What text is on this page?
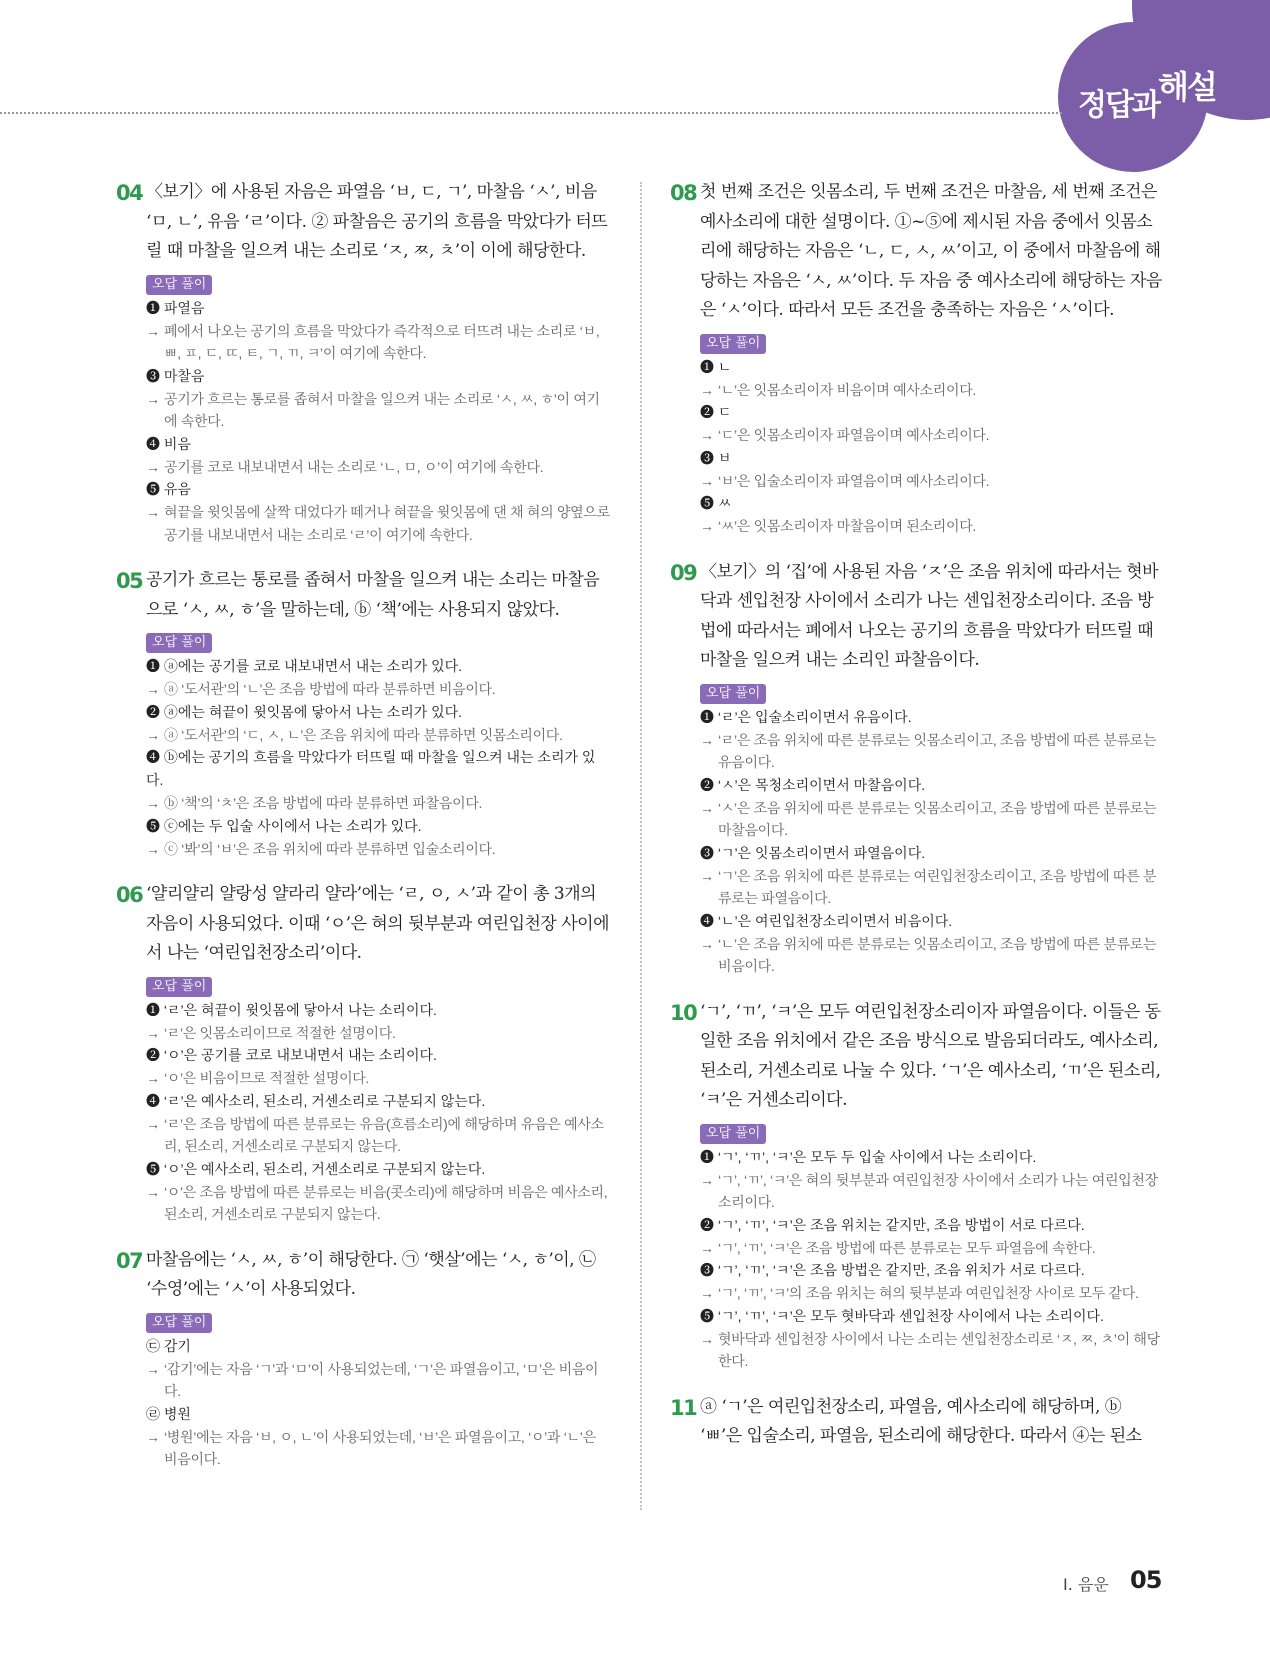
정답과 해설
04 〈보기〉에 사용된 자음은 파열음 ‘ㅂ, ㄷ, ㄱ’, 마찰음 ‘ㅅ’, 비음 ‘ㅁ, ㄴ’, 유음 ‘ㄹ’이다. ② 파찰음은 공기의 흐름을 막았다가 터뜨릴 때 마찰을 일으켜 내는 소리로 ‘ㅈ, ㅉ, ㅊ’이 이에 해당한다.
오답 풀이
❶ 파열음
→ 폐에서 나오는 공기의 흐름을 막았다가 즉각적으로 터뜨려 내는 소리로 ‘ㅂ, ㅃ, ㅍ, ㄷ, ㄸ, ㅌ, ㄱ, ㄲ, ㅋ’이 여기에 속한다.
❸ 마찰음
→ 공기가 흐르는 통로를 좁혀서 마찰을 일으켜 내는 소리로 ‘ㅅ, ㅆ, ㅎ’이 여기에 속한다.
❹ 비음
→ 공기를 코로 내보내면서 내는 소리로 ‘ㄴ, ㅁ, ㅇ’이 여기에 속한다.
❺ 유음
→ 혀끝을 윗잇몸에 살짝 대었다가 떼거나 혀끝을 윗잇몸에 댄 채 혀의 양옆으로 공기를 내보내면서 내는 소리로 ‘ㄹ’이 여기에 속한다.
05 공기가 흐르는 통로를 좁혀서 마찰을 일으켜 내는 소리는 마찰음으로 ‘ㅅ, ㅆ, ㅎ’을 말하는데, ⓑ ‘책’에는 사용되지 않았다.
오답 풀이
❶ ⓐ에는 공기를 코로 내보내면서 내는 소리가 있다.
→ ⓐ ‘도서관’의 ‘ㄴ’은 조음 방법에 따라 분류하면 비음이다.
❷ ⓐ에는 혀끝이 윗잇몸에 닿아서 나는 소리가 있다.
→ ⓐ ‘도서관’의 ‘ㄷ, ㅅ, ㄴ’은 조음 위치에 따라 분류하면 잇몸소리이다.
❹ ⓑ에는 공기의 흐름을 막았다가 터뜨릴 때 마찰을 일으켜 내는 소리가 있다.
→ ⓑ ‘책’의 ‘ㅊ’은 조음 방법에 따라 분류하면 파찰음이다.
❺ ⓒ에는 두 입술 사이에서 나는 소리가 있다.
→ ⓒ ‘봐’의 ‘ㅂ’은 조음 위치에 따라 분류하면 입술소리이다.
06 ‘얄리얄리 얄랑성 얄라리 얄라’에는 ‘ㄹ, ㅇ, ㅅ’과 같이 총 3개의 자음이 사용되었다. 이때 ‘ㅇ’은 혀의 뒷부분과 여린입천장 사이에서 나는 ‘여린입천장소리’이다.
오답 풀이
❶ ‘ㄹ’은 혀끝이 윗잇몸에 닿아서 나는 소리이다.
→ ‘ㄹ’은 잇몸소리이므로 적절한 설명이다.
❷ ‘ㅇ’은 공기를 코로 내보내면서 내는 소리이다.
→ ‘ㅇ’은 비음이므로 적절한 설명이다.
❹ ‘ㄹ’은 예사소리, 된소리, 거센소리로 구분되지 않는다.
→ ‘ㄹ’은 조음 방법에 따른 분류로는 유음(흐름소리)에 해당하며 유음은 예사소리, 된소리, 거센소리로 구분되지 않는다.
❺ ‘ㅇ’은 예사소리, 된소리, 거센소리로 구분되지 않는다.
→ ‘ㅇ’은 조음 방법에 따른 분류로는 비음(콧소리)에 해당하며 비음은 예사소리, 된소리, 거센소리로 구분되지 않는다.
07 마찰음에는 ‘ㅅ, ㅆ, ㅎ’이 해당한다. ㉠ ‘햇살’에는 ‘ㅅ, ㅎ’이, ㉡ ‘수영’에는 ‘ㅅ’이 사용되었다.
오답 풀이
㉢ 감기
→ ‘감기’에는 자음 ‘ㄱ’과 ‘ㅁ’이 사용되었는데, ‘ㄱ’은 파열음이고, ‘ㅁ’은 비음이다.
㉣ 병원
→ ‘병원’에는 자음 ‘ㅂ, ㅇ, ㄴ’이 사용되었는데, ‘ㅂ’은 파열음이고, ‘ㅇ’과 ‘ㄴ’은 비음이다.
08 첫 번째 조건은 잇몸소리, 두 번째 조건은 마찰음, 세 번째 조건은 예사소리에 대한 설명이다. ①~⑤에 제시된 자음 중에서 잇몸소리에 해당하는 자음은 ‘ㄴ, ㄷ, ㅅ, ㅆ’이고, 이 중에서 마찰음에 해당하는 자음은 ‘ㅅ, ㅆ’이다. 두 자음 중 예사소리에 해당하는 자음은 ‘ㅅ’이다. 따라서 모든 조건을 충족하는 자음은 ‘ㅅ’이다.
오답 풀이
❶ ㄴ
→ ‘ㄴ’은 잇몸소리이자 비음이며 예사소리이다.
❷ ㄷ
→ ‘ㄷ’은 잇몸소리이자 파열음이며 예사소리이다.
❸ ㅂ
→ ‘ㅂ’은 입술소리이자 파열음이며 예사소리이다.
❺ ㅆ
→ ‘ㅆ’은 잇몸소리이자 마찰음이며 된소리이다.
09 〈보기〉의 ‘집’에 사용된 자음 ‘ㅈ’은 조음 위치에 따라서는 혓바닥과 센입천장 사이에서 소리가 나는 센입천장소리이다. 조음 방법에 따라서는 폐에서 나오는 공기의 흐름을 막았다가 터뜨릴 때 마찰을 일으켜 내는 소리인 파찰음이다.
오답 풀이
❶ ‘ㄹ’은 입술소리이면서 유음이다.
→ ‘ㄹ’은 조음 위치에 따른 분류로는 잇몸소리이고, 조음 방법에 따른 분류로는 유음이다.
❷ ‘ㅅ’은 목청소리이면서 마찰음이다.
→ ‘ㅅ’은 조음 위치에 따른 분류로는 잇몸소리이고, 조음 방법에 따른 분류로는 마찰음이다.
❸ ‘ㄱ’은 잇몸소리이면서 파열음이다.
→ ‘ㄱ’은 조음 위치에 따른 분류로는 여린입천장소리이고, 조음 방법에 따른 분류로는 파열음이다.
❹ ‘ㄴ’은 여린입천장소리이면서 비음이다.
→ ‘ㄴ’은 조음 위치에 따른 분류로는 잇몸소리이고, 조음 방법에 따른 분류로는 비음이다.
10 ‘ㄱ’, ‘ㄲ’, ‘ㅋ’은 모두 여린입천장소리이자 파열음이다. 이들은 동일한 조음 위치에서 같은 조음 방식으로 발음되더라도, 예사소리, 된소리, 거센소리로 나눌 수 있다. ‘ㄱ’은 예사소리, ‘ㄲ’은 된소리, ‘ㅋ’은 거센소리이다.
오답 풀이
❶ ‘ㄱ’, ‘ㄲ’, ‘ㅋ’은 모두 두 입술 사이에서 나는 소리이다.
→ ‘ㄱ’, ‘ㄲ’, ‘ㅋ’은 혀의 뒷부분과 여린입천장 사이에서 소리가 나는 여린입천장소리이다.
❷ ‘ㄱ’, ‘ㄲ’, ‘ㅋ’은 조음 위치는 같지만, 조음 방법이 서로 다르다.
→ ‘ㄱ’, ‘ㄲ’, ‘ㅋ’은 조음 방법에 따른 분류로는 모두 파열음에 속한다.
❸ ‘ㄱ’, ‘ㄲ’, ‘ㅋ’은 조음 방법은 같지만, 조음 위치가 서로 다르다.
→ ‘ㄱ’, ‘ㄲ’, ‘ㅋ’의 조음 위치는 혀의 뒷부분과 여린입천장 사이로 모두 같다.
❺ ‘ㄱ’, ‘ㄲ’, ‘ㅋ’은 모두 혓바닥과 센입천장 사이에서 나는 소리이다.
→ 혓바닥과 센입천장 사이에서 나는 소리는 센입천장소리로 ‘ㅈ, ㅉ, ㅊ’이 해당한다.
11 ⓐ ‘ㄱ’은 여린입천장소리, 파열음, 예사소리에 해당하며, ⓑ ‘ㅃ’은 입술소리, 파열음, 된소리에 해당한다. 따라서 ④는 된소
Ⅰ. 음운 05
